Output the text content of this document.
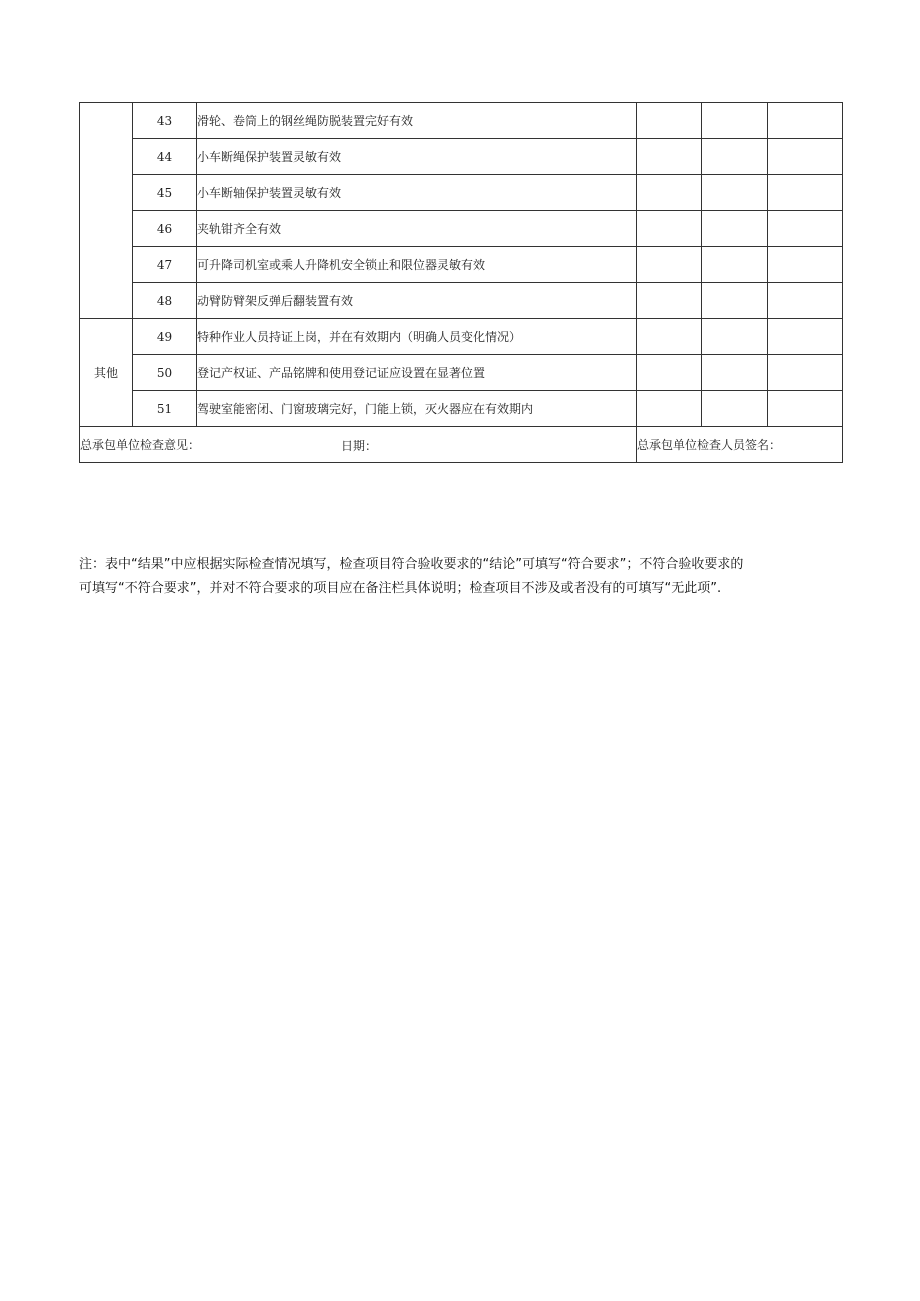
	43	滑轮、卷筒上的钢丝绳防脱装置完好有效			
	44	小车断绳保护装置灵敏有效			
	45	小车断轴保护装置灵敏有效			
	46	夹轨钳齐全有效			
	47	可升降司机室或乘人升降机安全锁止和限位器灵敏有效			
	48	动臂防臂架反弹后翻装置有效			
其他	49	特种作业人员持证上岗，并在有效期内（明确人员变化情况）			
	50	登记产权证、产品铭牌和使用登记证应设置在显著位置			
	51	驾驶室能密闭、门窗玻璃完好，门能上锁，灭火器应在有效期内			

总承包单位检查意见： 日期：			总承包单位检查人员签名：		
注：表中“结果”中应根据实际检查情况填写，检查项目符合验收要求的“结论”可填写“符合要求”；不符合验收要求的
可填写“不符合要求”，并对不符合要求的项目应在备注栏具体说明；检查项目不涉及或者没有的可填写“无此项”.
